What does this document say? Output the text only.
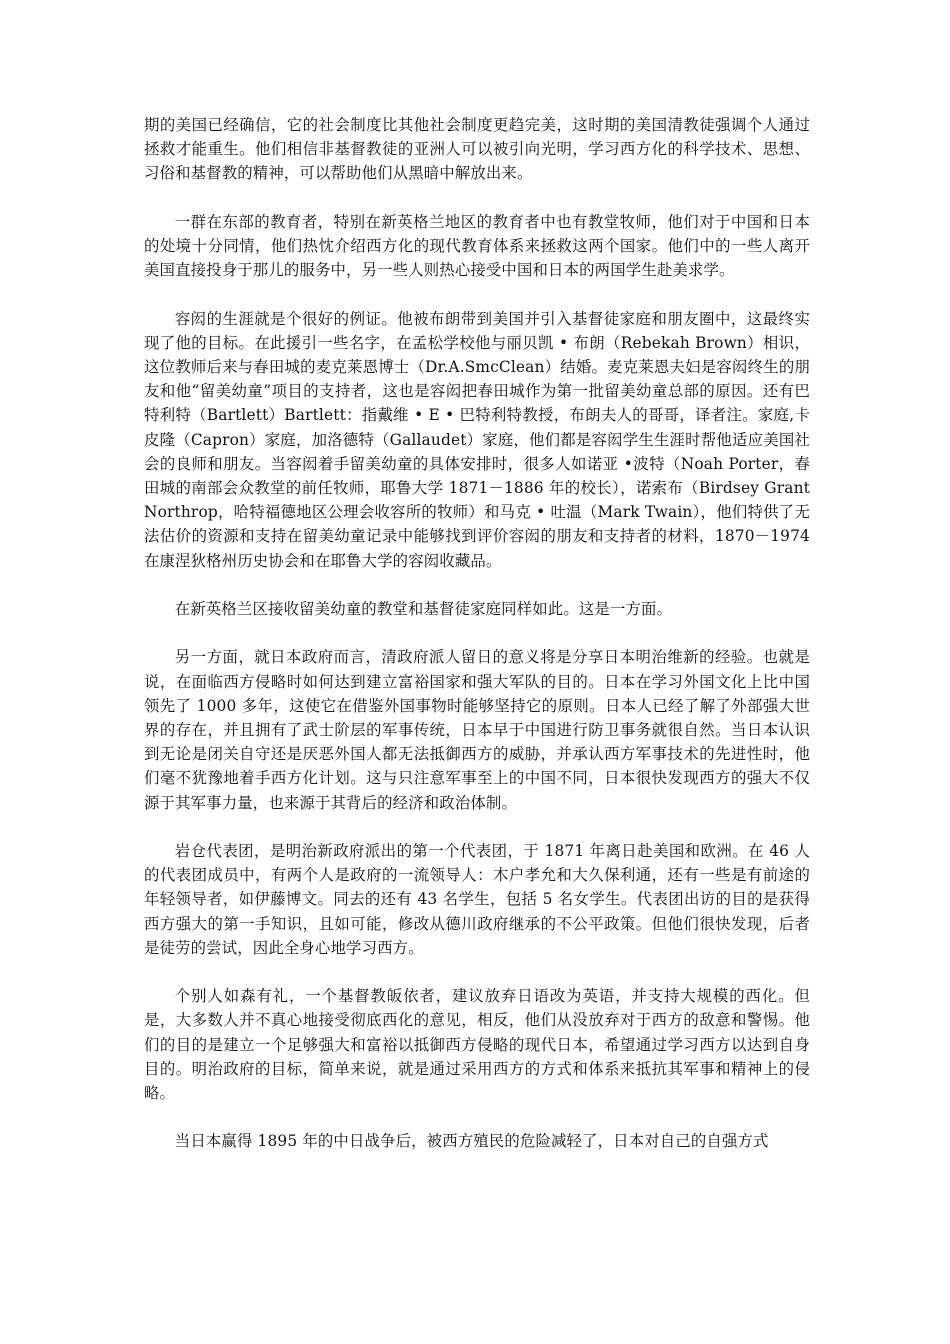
期的美国已经确信，它的社会制度比其他社会制度更趋完美，这时期的美国清教徒强调个人通过拯救才能重生。他们相信非基督教徒的亚洲人可以被引向光明，学习西方化的科学技术、思想、习俗和基督教的精神，可以帮助他们从黑暗中解放出来。

一群在东部的教育者，特别在新英格兰地区的教育者中也有教堂牧师，他们对于中国和日本的处境十分同情，他们热忱介绍西方化的现代教育体系来拯救这两个国家。他们中的一些人离开美国直接投身于那儿的服务中，另一些人则热心接受中国和日本的两国学生赴美求学。

容闳的生涯就是个很好的例证。他被布朗带到美国并引入基督徒家庭和朋友圈中，这最终实现了他的目标。在此援引一些名字，在孟松学校他与丽贝凯 • 布朗（Rebekah Brown）相识，这位教师后来与春田城的麦克莱恩博士（Dr.A.SmcClean）结婚。麦克莱恩夫妇是容闳终生的朋友和他“留美幼童”项目的支持者，这也是容闳把春田城作为第一批留美幼童总部的原因。还有巴特利特（Bartlett）Bartlett：指戴维 • E • 巴特利特教授，布朗夫人的哥哥，译者注。家庭,卡皮隆（Capron）家庭，加洛德特（Gallaudet）家庭，他们都是容闳学生生涯时帮他适应美国社会的良师和朋友。当容闳着手留美幼童的具体安排时，很多人如诺亚 •波特（Noah Porter，春田城的南部会众教堂的前任牧师，耶鲁大学 1871－1886 年的校长），诺索布（Birdsey Grant Northrop，哈特福德地区公理会收容所的牧师）和马克 • 吐温（Mark Twain），他们特供了无法估价的资源和支持在留美幼童记录中能够找到评价容闳的朋友和支持者的材料，1870－1974 在康涅狄格州历史协会和在耶鲁大学的容闳收藏品。

在新英格兰区接收留美幼童的教堂和基督徒家庭同样如此。这是一方面。

另一方面，就日本政府而言，清政府派人留日的意义将是分享日本明治维新的经验。也就是说，在面临西方侵略时如何达到建立富裕国家和强大军队的目的。日本在学习外国文化上比中国领先了 1000 多年，这使它在借鉴外国事物时能够坚持它的原则。日本人已经了解了外部强大世界的存在，并且拥有了武士阶层的军事传统，日本早于中国进行防卫事务就很自然。当日本认识到无论是闭关自守还是厌恶外国人都无法抵御西方的威胁，并承认西方军事技术的先进性时，他们毫不犹豫地着手西方化计划。这与只注意军事至上的中国不同，日本很快发现西方的强大不仅源于其军事力量，也来源于其背后的经济和政治体制。

岩仓代表团，是明治新政府派出的第一个代表团，于 1871 年离日赴美国和欧洲。在 46 人的代表团成员中，有两个人是政府的一流领导人：木户孝允和大久保利通，还有一些是有前途的年轻领导者，如伊藤博文。同去的还有 43 名学生，包括 5 名女学生。代表团出访的目的是获得西方强大的第一手知识，且如可能，修改从德川政府继承的不公平政策。但他们很快发现，后者是徒劳的尝试，因此全身心地学习西方。

个别人如森有礼，一个基督教皈依者，建议放弃日语改为英语，并支持大规模的西化。但是，大多数人并不真心地接受彻底西化的意见，相反，他们从没放弃对于西方的敌意和警惕。他们的目的是建立一个足够强大和富裕以抵御西方侵略的现代日本，希望通过学习西方以达到自身目的。明治政府的目标，简单来说，就是通过采用西方的方式和体系来抵抗其军事和精神上的侵略。

当日本赢得 1895 年的中日战争后，被西方殖民的危险减轻了，日本对自己的自强方式
